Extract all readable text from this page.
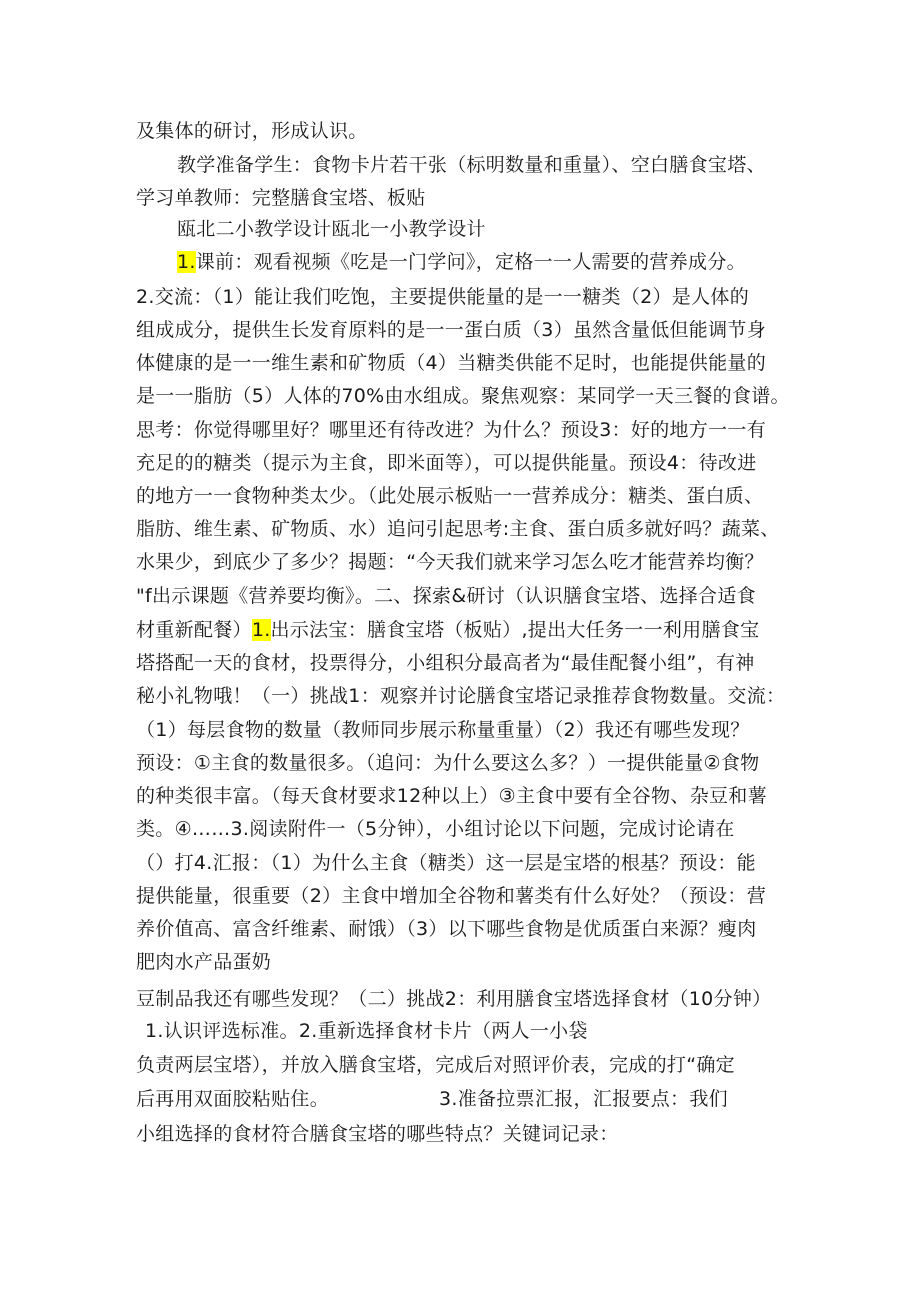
及集体的研讨，形成认识。
教学准备学生：食物卡片若干张（标明数量和重量）、空白膳食宝塔、
学习单教师：完整膳食宝塔、板贴
瓯北二小教学设计瓯北一小教学设计
1.课前：观看视频《吃是一门学问》，定格一一人需要的营养成分。
2.交流：（1）能让我们吃饱，主要提供能量的是一一糖类（2）是人体的
组成成分，提供生长发育原料的是一一蛋白质（3）虽然含量低但能调节身
体健康的是一一维生素和矿物质（4）当糖类供能不足时，也能提供能量的
是一一脂肪（5）人体的70%由水组成。聚焦观察：某同学一天三餐的食谱。
思考：你觉得哪里好？哪里还有待改进？为什么？预设3：好的地方一一有
充足的的糖类（提示为主食，即米面等），可以提供能量。预设4：待改进
的地方一一食物种类太少。（此处展示板贴一一营养成分：糖类、蛋白质、
脂肪、维生素、矿物质、水）追问引起思考:主食、蛋白质多就好吗？蔬菜、
水果少，到底少了多少？揭题：“今天我们就来学习怎么吃才能营养均衡？
"f出示课题《营养要均衡》。二、探索&研讨（认识膳食宝塔、选择合适食
材重新配餐）1.出示法宝：膳食宝塔（板贴）,提出大任务一一利用膳食宝
塔搭配一天的食材，投票得分，小组积分最高者为“最佳配餐小组”，有神
秘小礼物哦！（一）挑战1：观察并讨论膳食宝塔记录推荐食物数量。交流：
（1）每层食物的数量（教师同步展示称量重量）（2）我还有哪些发现？
预设：①主食的数量很多。（追问：为什么要这么多？）一提供能量②食物
的种类很丰富。（每天食材要求12种以上）③主食中要有全谷物、杂豆和薯
类。④……3.阅读附件一（5分钟），小组讨论以下问题，完成讨论请在
（）打4.汇报：（1）为什么主食（糖类）这一层是宝塔的根基？预设：能
提供能量，很重要（2）主食中增加全谷物和薯类有什么好处？（预设：营
养价值高、富含纤维素、耐饿）（3）以下哪些食物是优质蛋白来源？瘦肉
肥肉水产品蛋奶
豆制品我还有哪些发现？（二）挑战2：利用膳食宝塔选择食材（10分钟）
1.认识评选标准。2.重新选择食材卡片（两人一小袋
负责两层宝塔），并放入膳食宝塔，完成后对照评价表，完成的打“确定
后再用双面胶粘贴住。	3.准备拉票汇报，汇报要点：我们
小组选择的食材符合膳食宝塔的哪些特点？关键词记录：
